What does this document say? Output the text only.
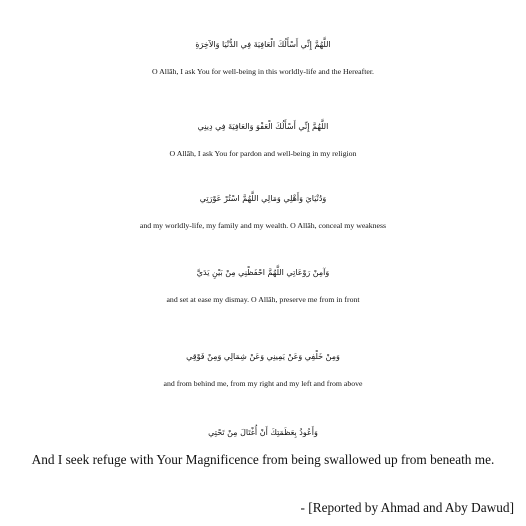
اللَّهُمَّ إِنِّي أَسْأَلُكَ الْعَافِيَةَ فِي الدُّنْيَا وَالآخِرَةِ
O Allāh, I ask You for well-being in this worldly-life and the Hereafter.
اللَّهُمَّ إِنِّي أَسْأَلُكَ الْعَفْوَ وَالعَافِيَةَ فِي دِينِي
O Allāh, I ask You for pardon and well-being in my religion
وَدُنْيَايَ وَأَهْلِي وَمَالِي اللَّهُمَّ اسْتُرْ عَوْرَتِي
and my worldly-life, my family and my wealth. O Allāh, conceal my weakness
وَآمِنْ رَوْعَاتِي اللَّهُمَّ احْفَظْنِي مِنْ بَيْنِ يَدَيَّ
and set at ease my dismay. O Allāh, preserve me from in front
وَمِنْ خَلْفِي وَعَنْ يَمِينِي وَعَنْ شِمَالِي وَمِنْ فَوْقِي
and from behind me, from my right and my left and from above
وَأَعُوذُ بِعَظَمَتِكَ أَنْ أُغْتَالَ مِنْ تَحْتِي
And I seek refuge with Your Magnificence from being swallowed up from beneath me.
- [Reported by Ahmad and Aby Dawud]
